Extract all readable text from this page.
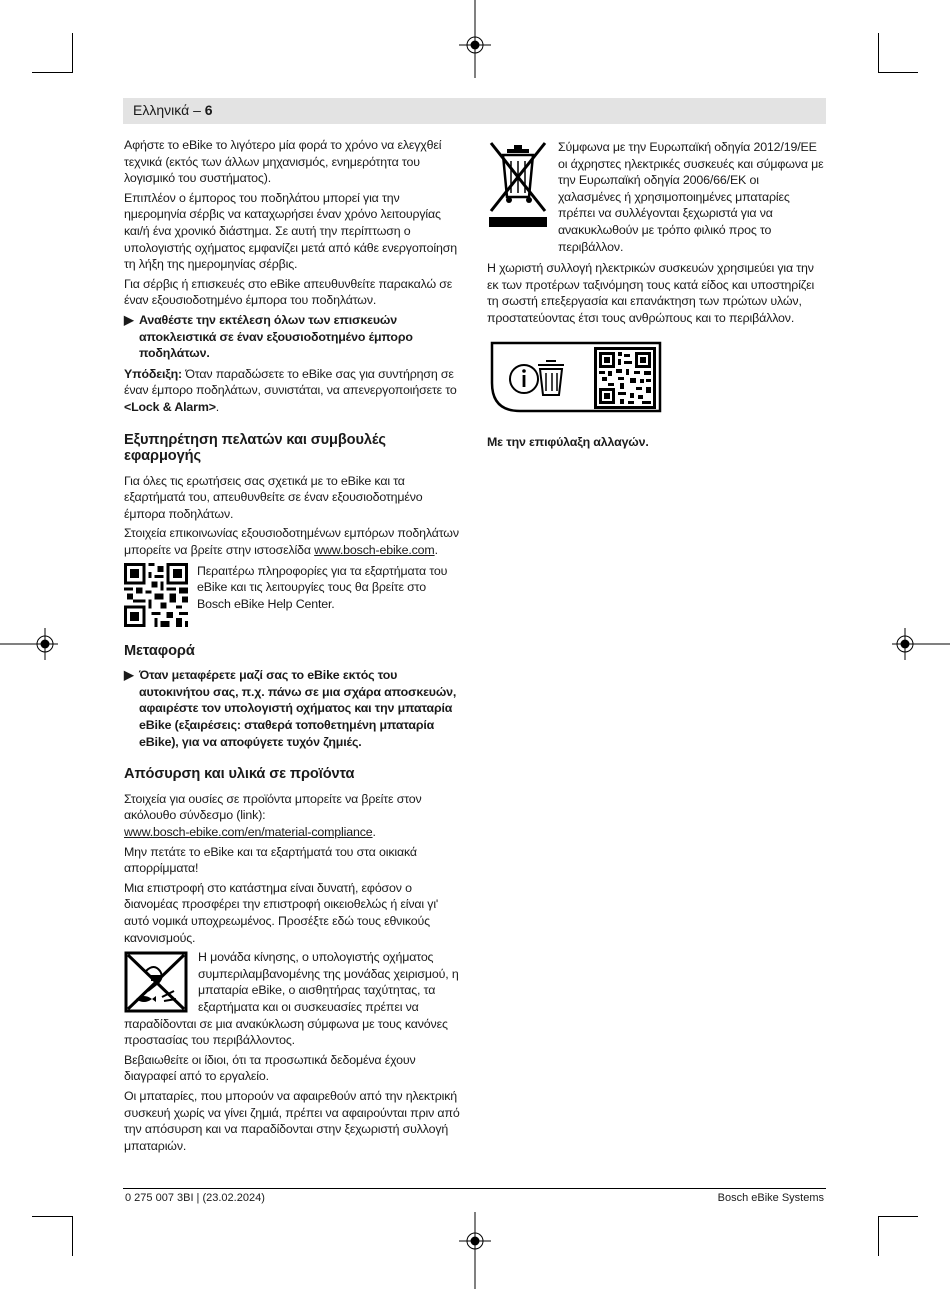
Ελληνικά – 6

Αφήστε το eBike το λιγότερο μία φορά το χρόνο να ελεγχθεί τεχνικά (εκτός των άλλων μηχανισμός, ενημερότητα του λογισμικό του συστήματος).

Επιπλέον ο έμπορος του ποδηλάτου μπορεί για την ημερομηνία σέρβις να καταχωρήσει έναν χρόνο λειτουργίας και/ή ένα χρονικό διάστημα. Σε αυτή την περίπτωση ο υπολογιστής οχήματος εμφανίζει μετά από κάθε ενεργοποίηση τη λήξη της ημερομηνίας σέρβις.

Για σέρβις ή επισκευές στο eBike απευθυνθείτε παρακαλώ σε έναν εξουσιοδοτημένο έμπορα του ποδηλάτων.

▶ Αναθέστε την εκτέλεση όλων των επισκευών αποκλειστικά σε έναν εξουσιοδοτημένο έμπορο ποδηλάτων.

Υπόδειξη: Όταν παραδώσετε το eBike σας για συντήρηση σε έναν έμπορο ποδηλάτων, συνιστάται, να απενεργοποιήσετε το <Lock & Alarm>.

Εξυπηρέτηση πελατών και συμβουλές εφαρμογής

Για όλες τις ερωτήσεις σας σχετικά με το eBike και τα εξαρτήματά του, απευθυνθείτε σε έναν εξουσιοδοτημένο έμπορα ποδηλάτων.

Στοιχεία επικοινωνίας εξουσιοδοτημένων εμπόρων ποδηλάτων μπορείτε να βρείτε στην ιστοσελίδα www.bosch-ebike.com.

Περαιτέρω πληροφορίες για τα εξαρτήματα του eBike και τις λειτουργίες τους θα βρείτε στο Bosch eBike Help Center.
Μεταφορά
▶ Όταν μεταφέρετε μαζί σας το eBike εκτός του αυτοκινήτου σας, π.χ. πάνω σε μια σχάρα αποσκευών, αφαιρέστε τον υπολογιστή οχήματος και την μπαταρία eBike (εξαιρέσεις: σταθερά τοποθετημένη μπαταρία eBike), για να αποφύγετε τυχόν ζημιές.
Απόσυρση και υλικά σε προϊόντα

Στοιχεία για ουσίες σε προϊόντα μπορείτε να βρείτε στον ακόλουθο σύνδεσμο (link):
www.bosch-ebike.com/en/material-compliance.

Μην πετάτε το eBike και τα εξαρτήματά του στα οικιακά απορρίμματα!

Μια επιστροφή στο κατάστημα είναι δυνατή, εφόσον ο διανομέας προσφέρει την επιστροφή οικειοθελώς ή είναι γι' αυτό νομικά υποχρεωμένος. Προσέξτε εδώ τους εθνικούς κανονισμούς.

Η μονάδα κίνησης, ο υπολογιστής οχήματος συμπεριλαμβανομένης της μονάδας χειρισμού, η μπαταρία eBike, ο αισθητήρας ταχύτητας, τα εξαρτήματα και οι συσκευασίες πρέπει να παραδίδονται σε μια ανακύκλωση σύμφωνα με τους κανόνες προστασίας του περιβάλλοντος.

Βεβαιωθείτε οι ίδιοι, ότι τα προσωπικά δεδομένα έχουν διαγραφεί από το εργαλείο.

Οι μπαταρίες, που μπορούν να αφαιρεθούν από την ηλεκτρική συσκευή χωρίς να γίνει ζημιά, πρέπει να αφαιρούνται πριν από την απόσυρση και να παραδίδονται στην ξεχωριστή συλλογή μπαταριών.

Σύμφωνα με την Ευρωπαϊκή οδηγία 2012/19/ΕΕ οι άχρηστες ηλεκτρικές συσκευές και σύμφωνα με την Ευρωπαϊκή οδηγία 2006/66/ΕΚ οι χαλασμένες ή χρησιμοποιημένες μπαταρίες πρέπει να συλλέγονται ξεχωριστά για να ανακυκλωθούν με τρόπο φιλικό προς το περιβάλλον.

Η χωριστή συλλογή ηλεκτρικών συσκευών χρησιμεύει για την εκ των προτέρων ταξινόμηση τους κατά είδος και υποστηρίζει τη σωστή επεξεργασία και επανάκτηση των πρώτων υλών, προστατεύοντας έτσι τους ανθρώπους και το περιβάλλον.

Με την επιφύλαξη αλλαγών.

0 275 007 3BI | (23.02.2024)	Bosch eBike Systems
